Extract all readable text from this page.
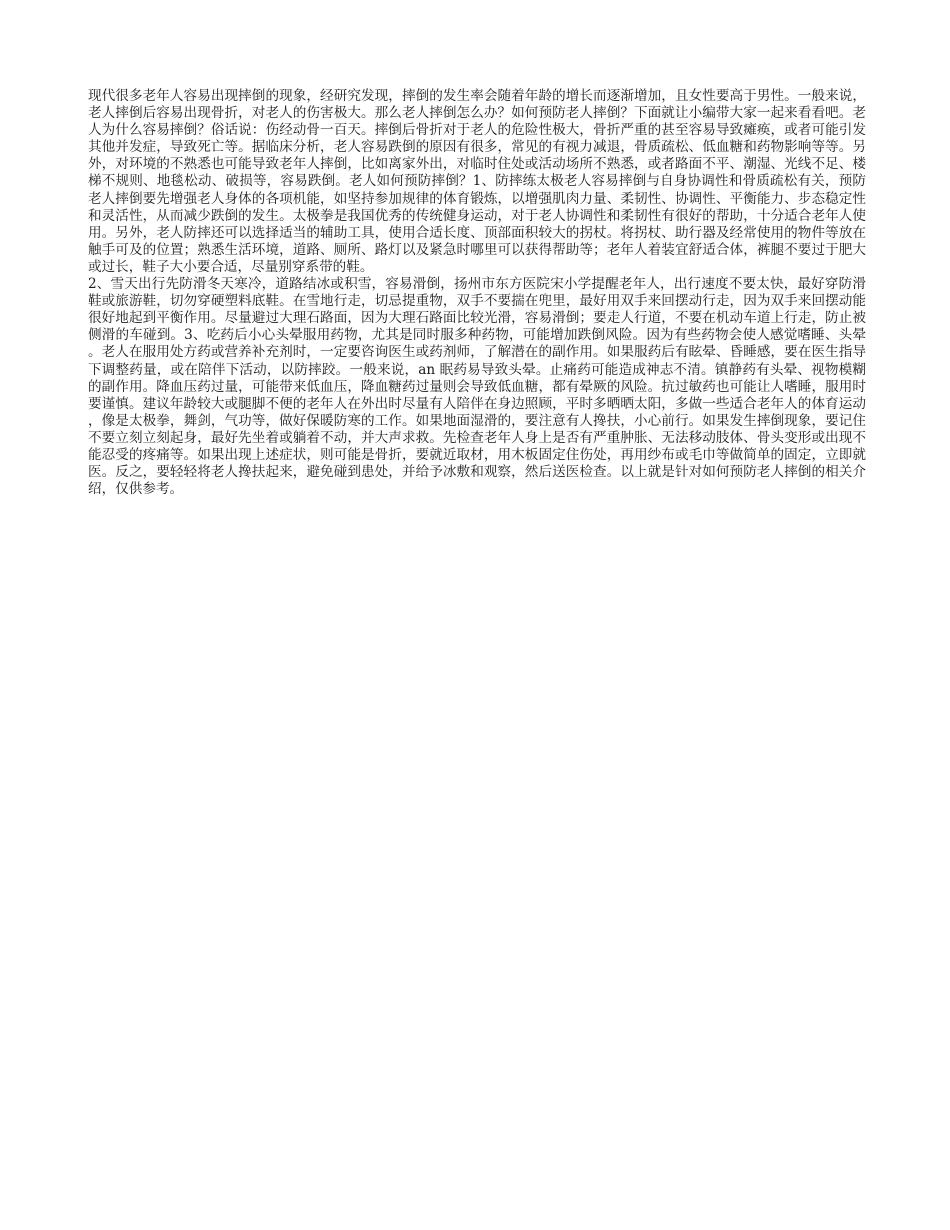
现代很多老年人容易出现摔倒的现象，经研究发现，摔倒的发生率会随着年龄的增长而逐渐增加，且女性要高于男性。一般来说，老人摔倒后容易出现骨折，对老人的伤害极大。那么老人摔倒怎么办？如何预防老人摔倒？下面就让小编带大家一起来看看吧。老人为什么容易摔倒？俗话说：伤经动骨一百天。摔倒后骨折对于老人的危险性极大，骨折严重的甚至容易导致瘫痪，或者可能引发其他并发症，导致死亡等。据临床分析，老人容易跌倒的原因有很多，常见的有视力减退，骨质疏松、低血糖和药物影响等等。另外，对环境的不熟悉也可能导致老年人摔倒，比如离家外出，对临时住处或活动场所不熟悉，或者路面不平、潮湿、光线不足、楼梯不规则、地毯松动、破损等，容易跌倒。老人如何预防摔倒？1、防摔练太极老人容易摔倒与自身协调性和骨质疏松有关，预防老人摔倒要先增强老人身体的各项机能，如坚持参加规律的体育锻炼，以增强肌肉力量、柔韧性、协调性、平衡能力、步态稳定性和灵活性，从而减少跌倒的发生。太极拳是我国优秀的传统健身运动，对于老人协调性和柔韧性有很好的帮助，十分适合老年人使用。另外，老人防摔还可以选择适当的辅助工具，使用合适长度、顶部面积较大的拐杖。将拐杖、助行器及经常使用的物件等放在触手可及的位置；熟悉生活环境，道路、厕所、路灯以及紧急时哪里可以获得帮助等；老年人着装宜舒适合体，裤腿不要过于肥大或过长，鞋子大小要合适，尽量别穿系带的鞋。

2、雪天出行先防滑冬天寒冷，道路结冰或积雪，容易滑倒，扬州市东方医院宋小学提醒老年人，出行速度不要太快，最好穿防滑鞋或旅游鞋，切勿穿硬塑料底鞋。在雪地行走，切忌提重物，双手不要揣在兜里，最好用双手来回摆动行走，因为双手来回摆动能很好地起到平衡作用。尽量避过大理石路面，因为大理石路面比较光滑，容易滑倒；要走人行道，不要在机动车道上行走，防止被侧滑的车碰到。3、吃药后小心头晕服用药物，尤其是同时服多种药物，可能增加跌倒风险。因为有些药物会使人感觉嗜睡、头晕。老人在服用处方药或营养补充剂时，一定要咨询医生或药剂师，了解潜在的副作用。如果服药后有眩晕、昏睡感，要在医生指导下调整药量，或在陪伴下活动，以防摔跤。一般来说，an 眠药易导致头晕。止痛药可能造成神志不清。镇静药有头晕、视物模糊的副作用。降血压药过量，可能带来低血压，降血糖药过量则会导致低血糖，都有晕厥的风险。抗过敏药也可能让人嗜睡，服用时要谨慎。建议年龄较大或腿脚不便的老年人在外出时尽量有人陪伴在身边照顾，平时多晒晒太阳，多做一些适合老年人的体育运动，像是太极拳，舞剑，气功等，做好保暖防寒的工作。如果地面湿滑的，要注意有人搀扶，小心前行。如果发生摔倒现象，要记住不要立刻立刻起身，最好先坐着或躺着不动，并大声求救。先检查老年人身上是否有严重肿胀、无法移动肢体、骨头变形或出现不能忍受的疼痛等。如果出现上述症状，则可能是骨折，要就近取材，用木板固定住伤处，再用纱布或毛巾等做简单的固定，立即就医。反之，要轻轻将老人搀扶起来，避免碰到患处，并给予冰敷和观察，然后送医检查。以上就是针对如何预防老人摔倒的相关介绍，仅供参考。
